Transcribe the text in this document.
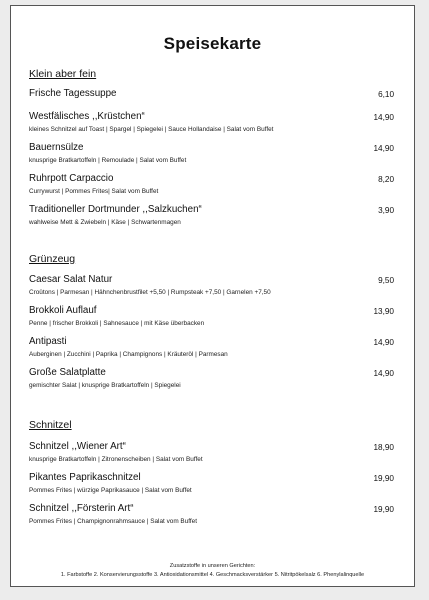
Speisekarte
Klein aber fein
Frische Tagessuppe	6,10
Westfälisches ,,Krüstchen“	14,90
kleines Schnitzel auf Toast | Spargel | Spiegelei | Sauce Hollandaise | Salat vom Buffet
Bauernsülze	14,90
knusprige Bratkartoffeln | Remoulade | Salat vom Buffet
Ruhrpott Carpaccio	8,20
Currywurst | Pommes Frites| Salat vom Buffet
Traditioneller Dortmunder ,,Salzkuchen“	3,90
wahlweise Mett & Zwiebeln | Käse | Schwartenmagen
Grünzeug
Caesar Salat Natur	9,50
Croûtons | Parmesan | Hähnchenbrustfilet +5,50 | Rumpsteak +7,50 | Garnelen +7,50
Brokkoli Auflauf	13,90
Penne | frischer Brokkoli | Sahnesauce | mit Käse überbacken
Antipasti	14,90
Auberginen | Zucchini | Paprika | Champignons | Kräuteröl | Parmesan
Große Salatplatte	14,90
gemischter Salat | knusprige Bratkartoffeln | Spiegelei
Schnitzel
Schnitzel ,,Wiener Art“	18,90
knusprige Bratkartoffeln | Zitronenscheiben | Salat vom Buffet
Pikantes Paprikaschnitzel	19,90
Pommes Frites | würzige Paprikasauce | Salat vom Buffet
Schnitzel ,,Försterin Art“	19,90
Pommes Frites | Champignonrahmsauce | Salat vom Buffet
Zusatzstoffe in unseren Gerichten:
1. Farbstoffe 2. Konservierungsstoffe 3. Antioxidationsmittel 4. Geschmacksverstärker 5. Nitritpökelsalz 6. Phenylalinquelle
